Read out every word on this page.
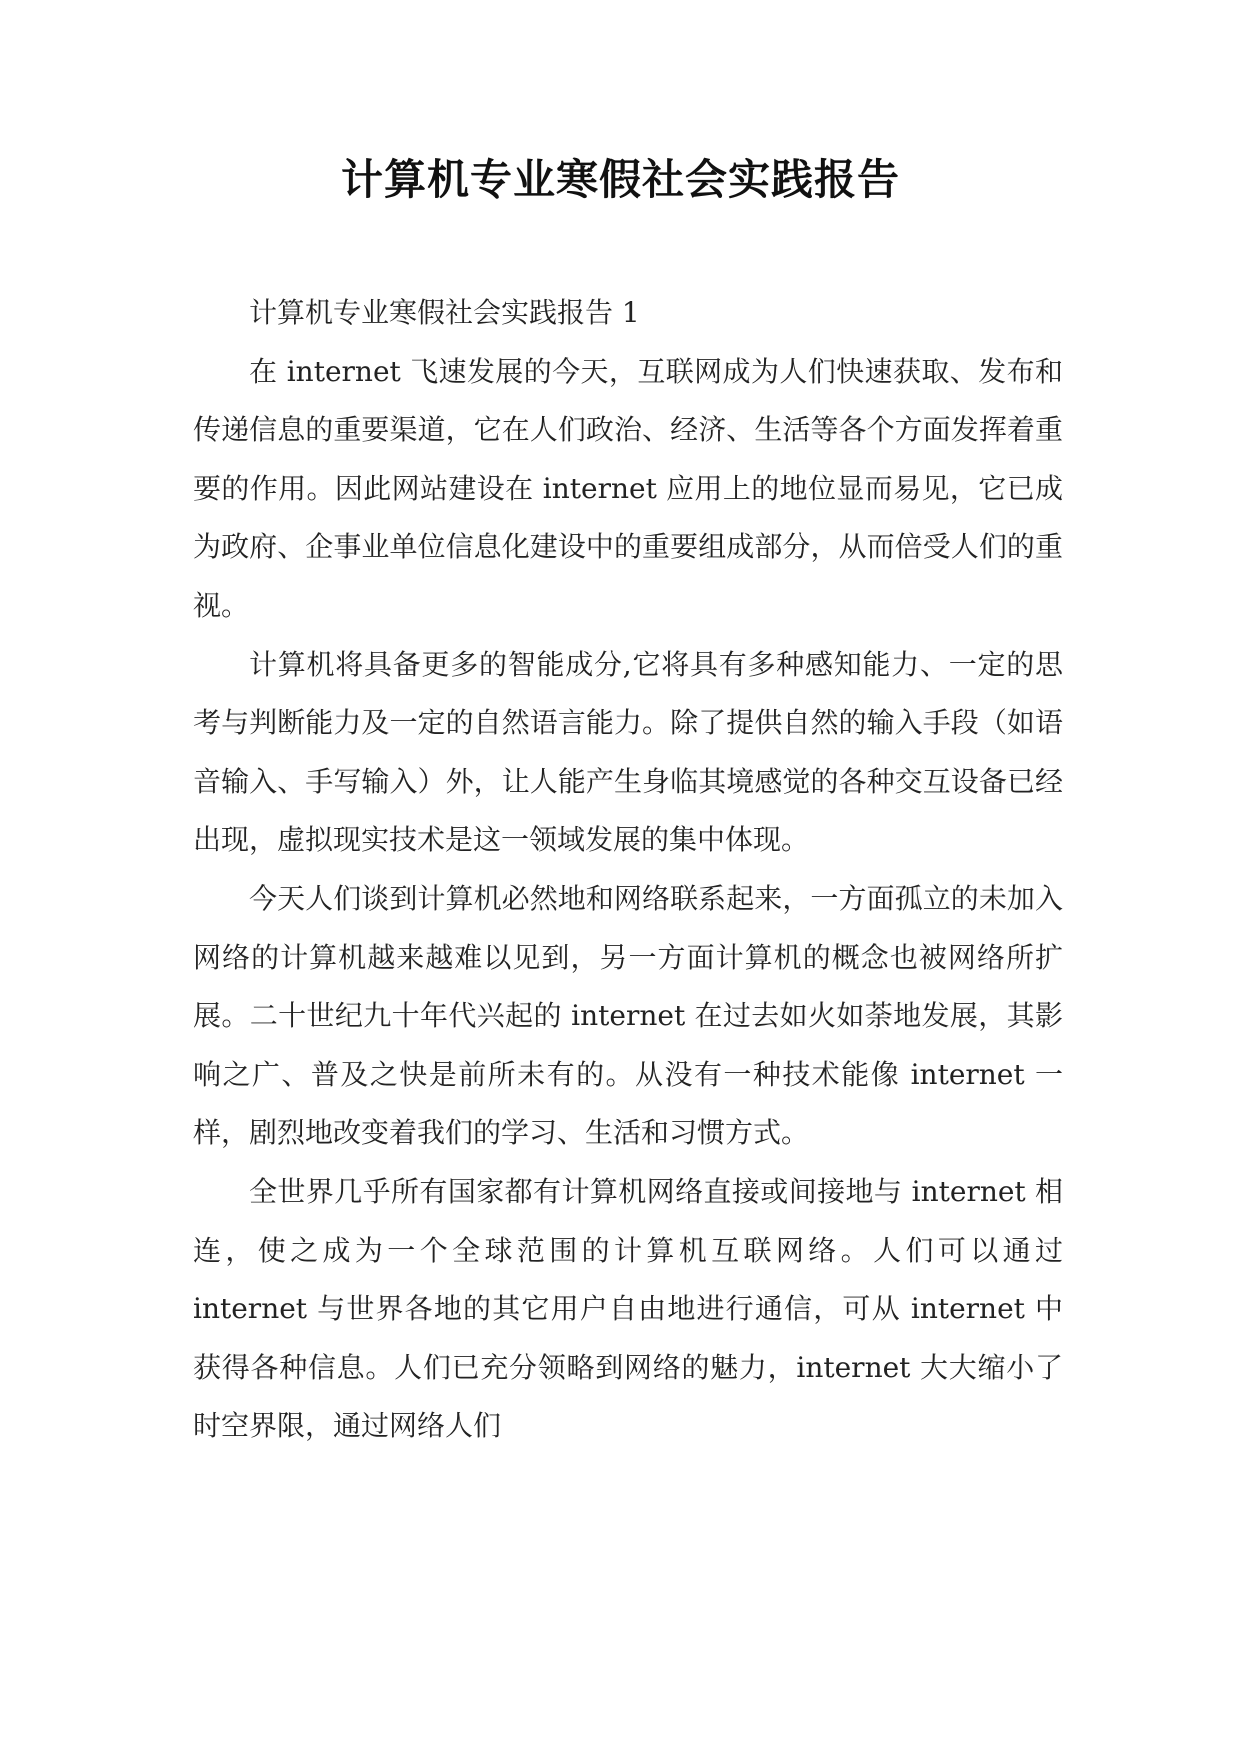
计算机专业寒假社会实践报告

计算机专业寒假社会实践报告 1

在 internet 飞速发展的今天，互联网成为人们快速获取、发布和传递信息的重要渠道，它在人们政治、经济、生活等各个方面发挥着重要的作用。因此网站建设在 internet 应用上的地位显而易见，它已成为政府、企事业单位信息化建设中的重要组成部分，从而倍受人们的重视。

计算机将具备更多的智能成分,它将具有多种感知能力、一定的思考与判断能力及一定的自然语言能力。除了提供自然的输入手段（如语音输入、手写输入）外，让人能产生身临其境感觉的各种交互设备已经出现，虚拟现实技术是这一领域发展的集中体现。

今天人们谈到计算机必然地和网络联系起来，一方面孤立的未加入网络的计算机越来越难以见到，另一方面计算机的概念也被网络所扩展。二十世纪九十年代兴起的 internet 在过去如火如荼地发展，其影响之广、普及之快是前所未有的。从没有一种技术能像 internet 一样，剧烈地改变着我们的学习、生活和习惯方式。

全世界几乎所有国家都有计算机网络直接或间接地与 internet 相连，使之成为一个全球范围的计算机互联网络。人们可以通过 internet 与世界各地的其它用户自由地进行通信，可从 internet 中获得各种信息。人们已充分领略到网络的魅力，internet 大大缩小了时空界限，通过网络人们
